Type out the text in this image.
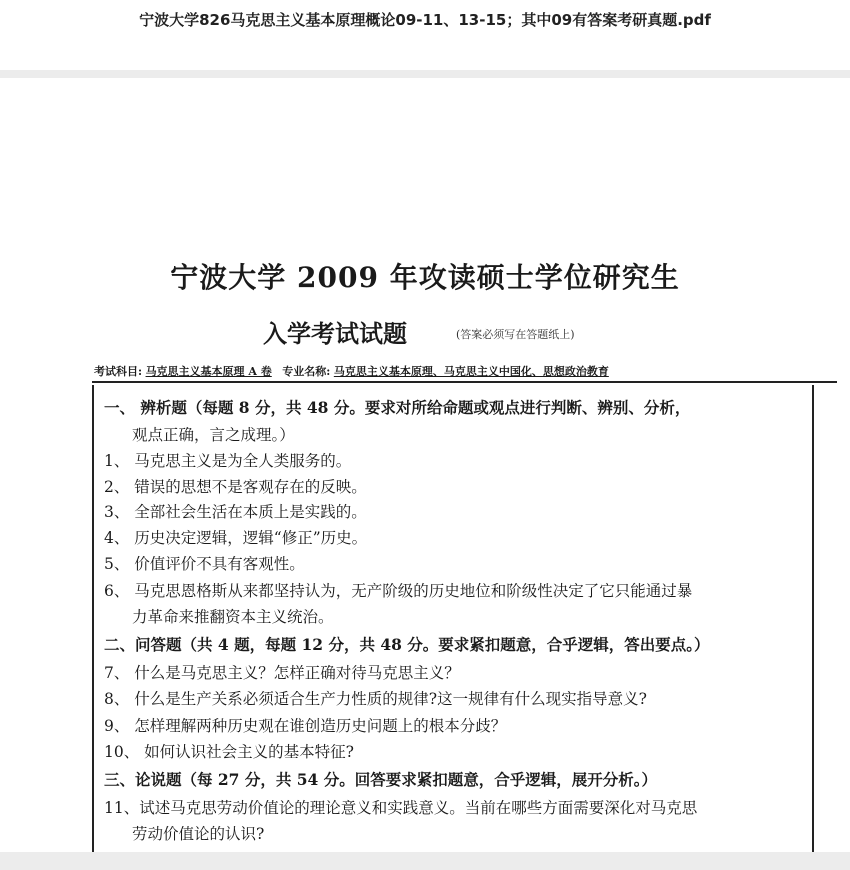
宁波大学826马克思主义基本原理概论09-11、13-15；其中09有答案考研真题.pdf
宁波大学 2009 年攻读硕士学位研究生
入学考试试题	(答案必须写在答题纸上)
考试科目: 马克思主义基本原理 A 卷 专业名称: 马克思主义基本原理、马克思主义中国化、思想政治教育
一、 辨析题（每题 8 分，共 48 分。要求对所给命题或观点进行判断、辨别、分析，
观点正确，言之成理。）
1、 马克思主义是为全人类服务的。
2、 错误的思想不是客观存在的反映。
3、 全部社会生活在本质上是实践的。
4、 历史决定逻辑，逻辑“修正”历史。
5、 价值评价不具有客观性。
6、 马克思恩格斯从来都坚持认为，无产阶级的历史地位和阶级性决定了它只能通过暴
力革命来推翻资本主义统治。
二、问答题（共 4 题，每题 12 分，共 48 分。要求紧扣题意，合乎逻辑，答出要点。）
7、 什么是马克思主义？怎样正确对待马克思主义？
8、 什么是生产关系必须适合生产力性质的规律?这一规律有什么现实指导意义?
9、 怎样理解两种历史观在谁创造历史问题上的根本分歧？
10、 如何认识社会主义的基本特征?
三、论说题（每 27 分，共 54 分。回答要求紧扣题意，合乎逻辑，展开分析。）
11、试述马克思劳动价值论的理论意义和实践意义。当前在哪些方面需要深化对马克思
劳动价值论的认识?
